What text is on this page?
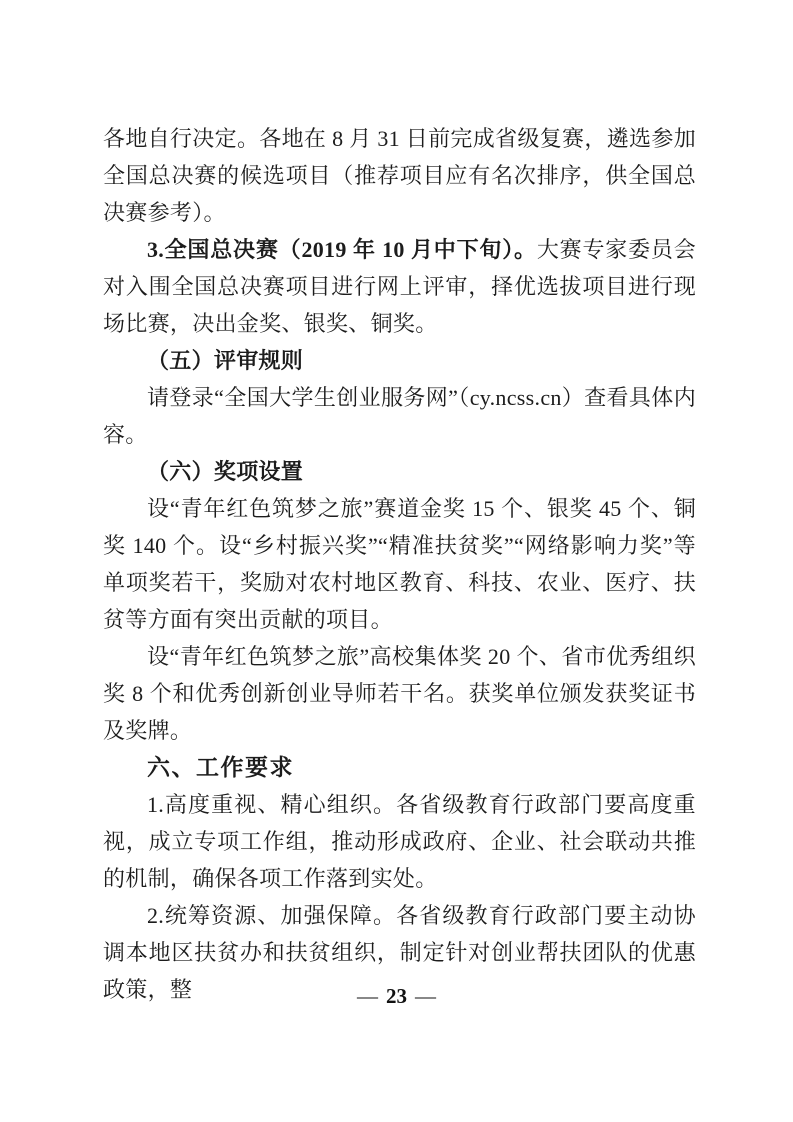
各地自行决定。各地在 8 月 31 日前完成省级复赛，遴选参加全国总决赛的候选项目（推荐项目应有名次排序，供全国总决赛参考）。

3.全国总决赛（2019 年 10 月中下旬）。大赛专家委员会对入围全国总决赛项目进行网上评审，择优选拔项目进行现场比赛，决出金奖、银奖、铜奖。

（五）评审规则

请登录“全国大学生创业服务网”（cy.ncss.cn）查看具体内容。

（六）奖项设置

设“青年红色筑梦之旅”赛道金奖 15 个、银奖 45 个、铜奖 140 个。设“乡村振兴奖”“精准扶贫奖”“网络影响力奖”等单项奖若干，奖励对农村地区教育、科技、农业、医疗、扶贫等方面有突出贡献的项目。

设“青年红色筑梦之旅”高校集体奖 20 个、省市优秀组织奖 8 个和优秀创新创业导师若干名。获奖单位颁发获奖证书及奖牌。

六、工作要求

1.高度重视、精心组织。各省级教育行政部门要高度重视，成立专项工作组，推动形成政府、企业、社会联动共推的机制，确保各项工作落到实处。

2.统筹资源、加强保障。各省级教育行政部门要主动协调本地区扶贫办和扶贫组织，制定针对创业帮扶团队的优惠政策，整	— 23 —
